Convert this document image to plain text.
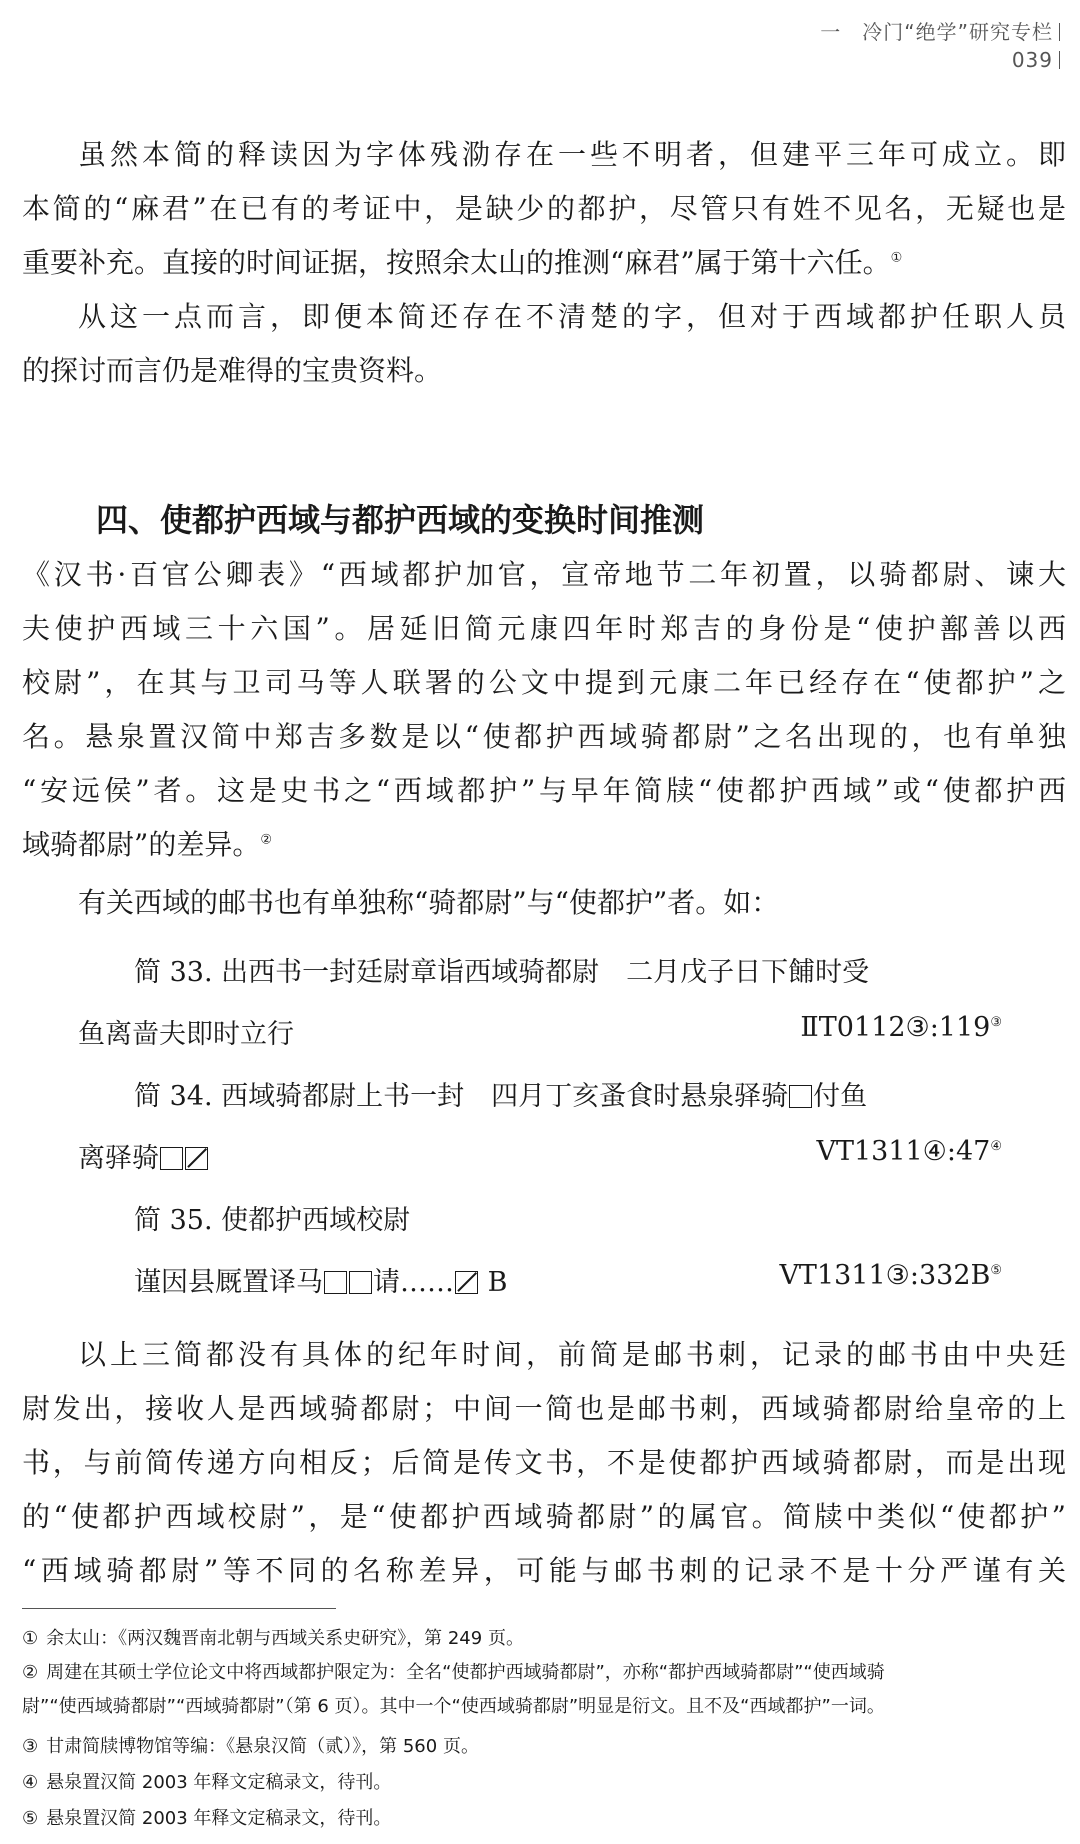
一　冷门“绝学”研究专栏
039

虽然本简的释读因为字体残泐存在一些不明者，但建平三年可成立。即

本简的“麻君”在已有的考证中，是缺少的都护，尽管只有姓不见名，无疑也是

重要补充。直接的时间证据，按照余太山的推测“麻君”属于第十六任。①

从这一点而言，即便本简还存在不清楚的字，但对于西域都护任职人员

的探讨而言仍是难得的宝贵资料。

四、使都护西域与都护西域的变换时间推测

《汉书·百官公卿表》“西域都护加官，宣帝地节二年初置，以骑都尉、谏大

夫使护西域三十六国”。居延旧简元康四年时郑吉的身份是“使护鄯善以西

校尉”，在其与卫司马等人联署的公文中提到元康二年已经存在“使都护”之

名。悬泉置汉简中郑吉多数是以“使都护西域骑都尉”之名出现的，也有单独

“安远侯”者。这是史书之“西域都护”与早年简牍“使都护西域”或“使都护西

域骑都尉”的差异。②

有关西域的邮书也有单独称“骑都尉”与“使都护”者。如：

简 33. 出西书一封廷尉章诣西域骑都尉　二月戊子日下餔时受
鱼离啬夫即时立行	ⅡT0112③:119③
简 34. 西域骑都尉上书一封　四月丁亥蚤食时悬泉驿骑 付鱼
离驿骑	ⅤT1311④:47④
简 35. 使都护西域校尉
谨因县厩置译马 请…… B	ⅤT1311③:332B⑤

以上三简都没有具体的纪年时间，前简是邮书刺，记录的邮书由中央廷

尉发出，接收人是西域骑都尉；中间一简也是邮书刺，西域骑都尉给皇帝的上

书，与前简传递方向相反；后简是传文书，不是使都护西域骑都尉，而是出现

的“使都护西域校尉”，是“使都护西域骑都尉”的属官。简牍中类似“使都护”

“西域骑都尉”等不同的名称差异，可能与邮书刺的记录不是十分严谨有关

① 余太山：《两汉魏晋南北朝与西域关系史研究》，第 249 页。

② 周建在其硕士学位论文中将西域都护限定为：全名“使都护西域骑都尉”，亦称“都护西域骑都尉”“使西域骑

尉”“使西域骑都尉”“西域骑都尉”（第 6 页）。其中一个“使西域骑都尉”明显是衍文。且不及“西域都护”一词。

③ 甘肃简牍博物馆等编：《悬泉汉简（贰）》，第 560 页。

④ 悬泉置汉简 2003 年释文定稿录文，待刊。

⑤ 悬泉置汉简 2003 年释文定稿录文，待刊。
